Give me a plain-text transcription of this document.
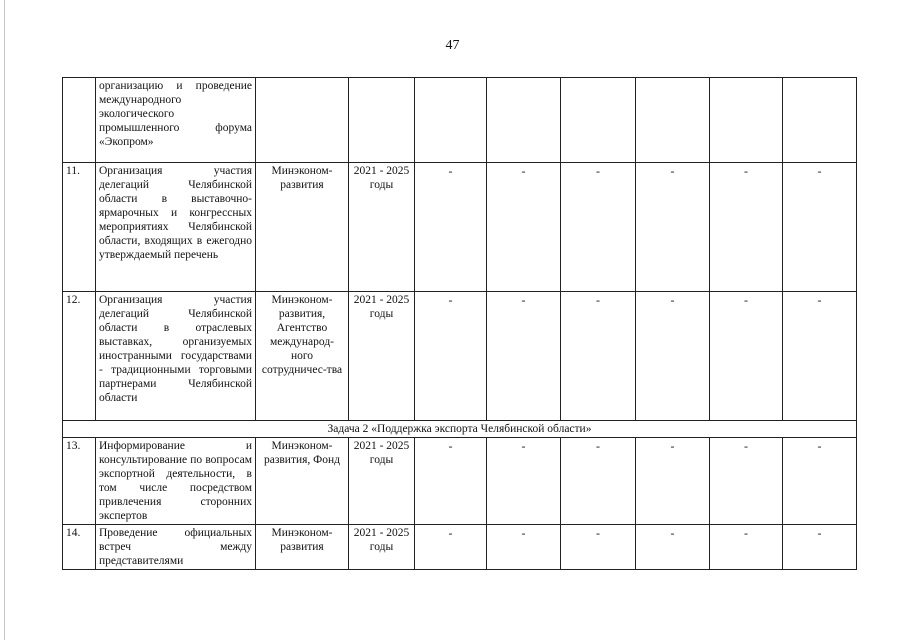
47
	организацию и проведение международного экологического промышленного форума «Экопром»								
11.	Организация участия делегаций Челябинской области в выставочно-ярмарочных и конгрессных мероприятиях Челябинской области, входящих в ежегодно утверждаемый перечень	Минэконом-развития	2021 - 2025 годы	-	-	-	-	-	-
12.	Организация участия делегаций Челябинской области в отраслевых выставках, организуемых иностранными государствами - традиционными торговыми партнерами Челябинской области	Минэконом-развития, Агентство международ-ного сотрудничес-тва	2021 - 2025 годы	-	-	-	-	-	-
Задача 2 «Поддержка экспорта Челябинской области»									
13.	Информирование и консультирование по вопросам экспортной деятельности, в том числе посредством привлечения сторонних экспертов	Минэконом-развития, Фонд	2021 - 2025 годы	-	-	-	-	-	-
14.	Проведение официальных встреч между представителями	Минэконом-развития	2021 - 2025 годы	-	-	-	-	-	-
